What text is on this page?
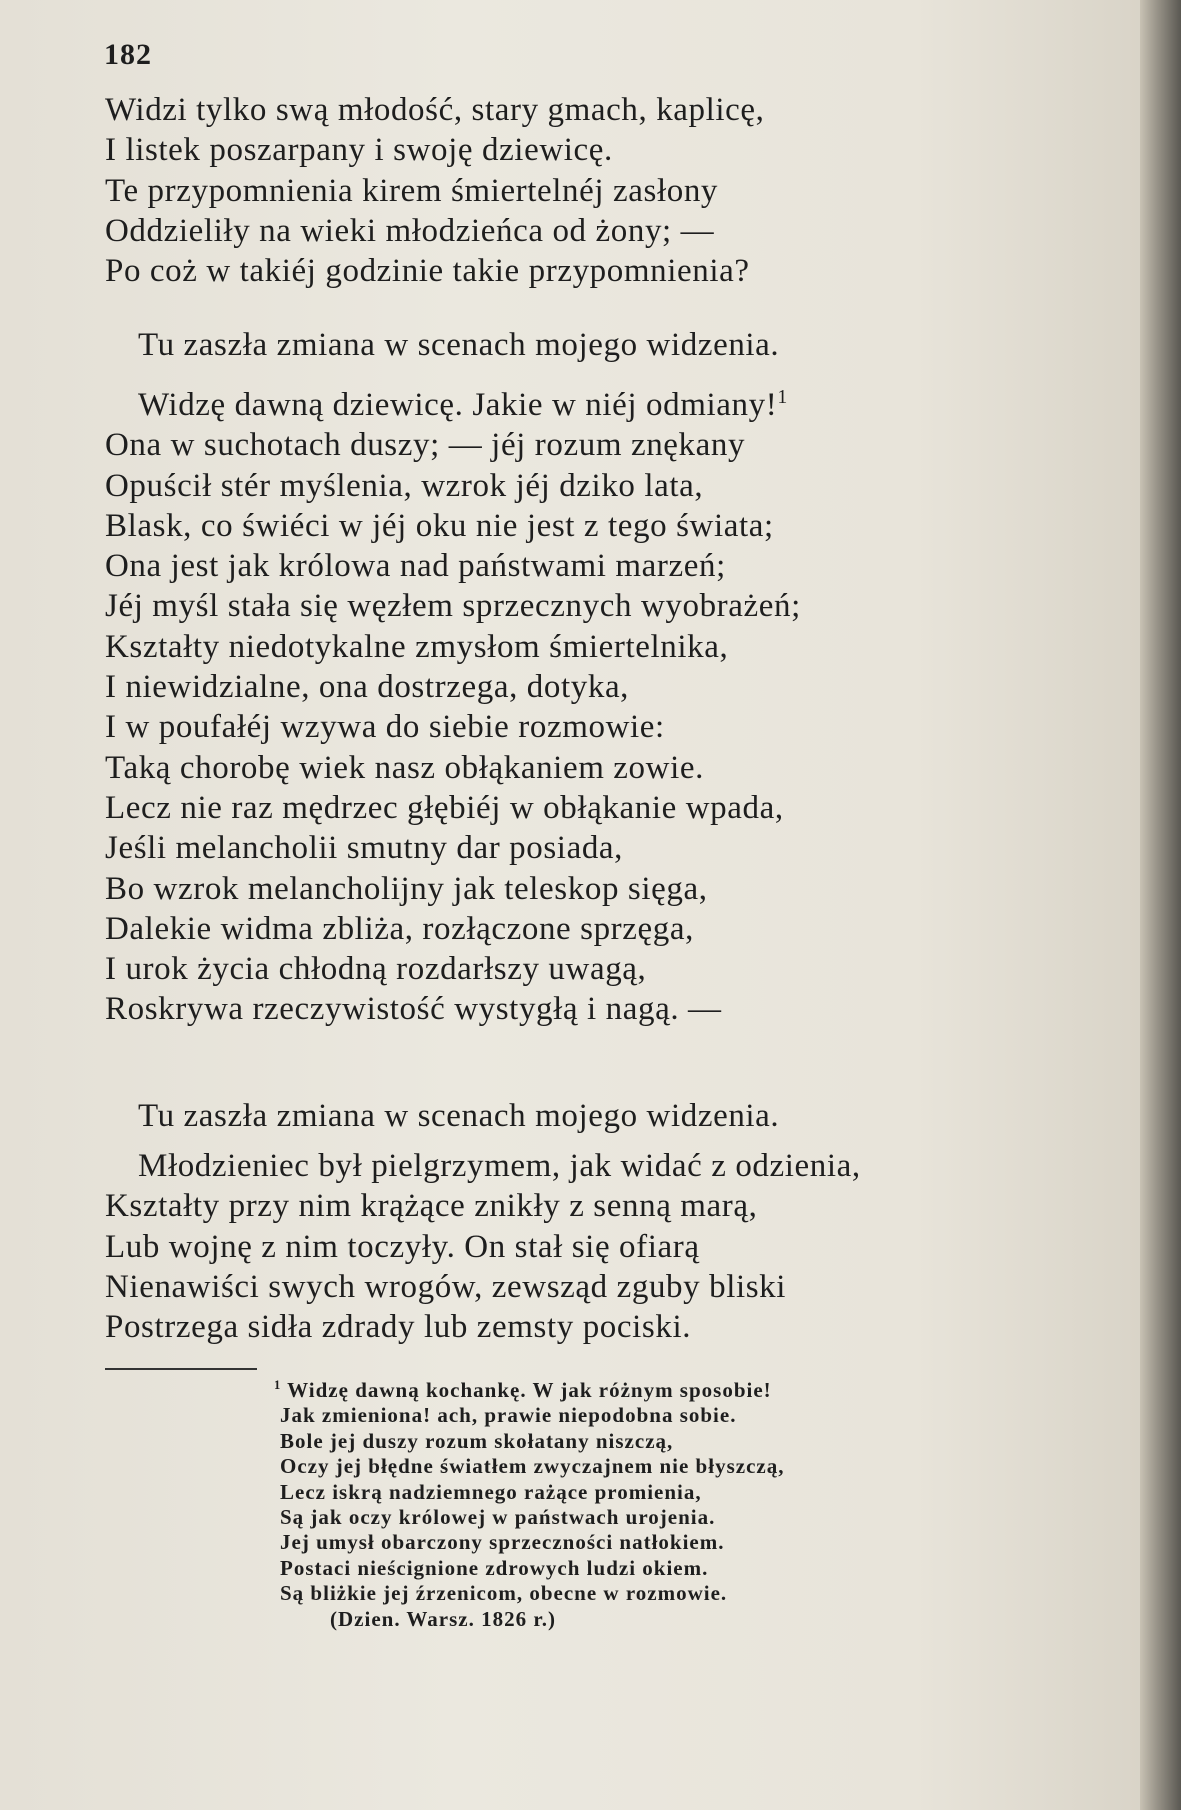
182
Widzi tylko swą młodość, stary gmach, kaplicę,
I listek poszarpany i swoję dziewicę.
Te przypomnienia kirem śmiertelnéj zasłony
Oddzieliły na wieki młodzieńca od żony; —
Po coż w takiéj godzinie takie przypomnienia?
Tu zaszła zmiana w scenach mojego widzenia.
Widzę dawną dziewicę. Jakie w niéj odmiany!$^1$
Ona w suchotach duszy; — jéj rozum znękany
Opuścił stér myślenia, wzrok jéj dziko lata,
Blask, co świéci w jéj oku nie jest z tego świata;
Ona jest jak królowa nad państwami marzeń;
Jéj myśl stała się węzłem sprzecznych wyobrażeń;
Kształty niedotykalne zmysłom śmiertelnika,
I niewidzialne, ona dostrzega, dotyka,
I w poufałéj wzywa do siebie rozmowie:
Taką chorobę wiek nasz obłąkaniem zowie.
Lecz nie raz mędrzec głębiéj w obłąkanie wpada,
Jeśli melancholii smutny dar posiada,
Bo wzrok melancholijny jak teleskop sięga,
Dalekie widma zbliża, rozłączone sprzęga,
I urok życia chłodną rozdarłszy uwagą,
Roskrywa rzeczywistość wystygłą i nagą. —
Tu zaszła zmiana w scenach mojego widzenia.
Młodzieniec był pielgrzymem, jak widać z odzienia,
Kształty przy nim krążące znikły z senną marą,
Lub wojnę z nim toczyły. On stał się ofiarą
Nienawiści swych wrogów, zewsząd zguby bliski
Postrzega sidła zdrady lub zemsty pociski.
$^1$ Widzę dawną kochankę. W jak różnym sposobie!
Jak zmieniona! ach, prawie niepodobna sobie.
Bole jej duszy rozum skołatany niszczą,
Oczy jej błędne światłem zwyczajnem nie błyszczą,
Lecz iskrą nadziemnego rażące promienia,
Są jak oczy królowej w państwach urojenia.
Jej umysł obarczony sprzeczności natłokiem.
Postaci nieścignione zdrowych ludzi okiem.
Są bliżkie jej źrzenicom, obecne w rozmowie.
(Dzien. Warsz. 1826 r.)
